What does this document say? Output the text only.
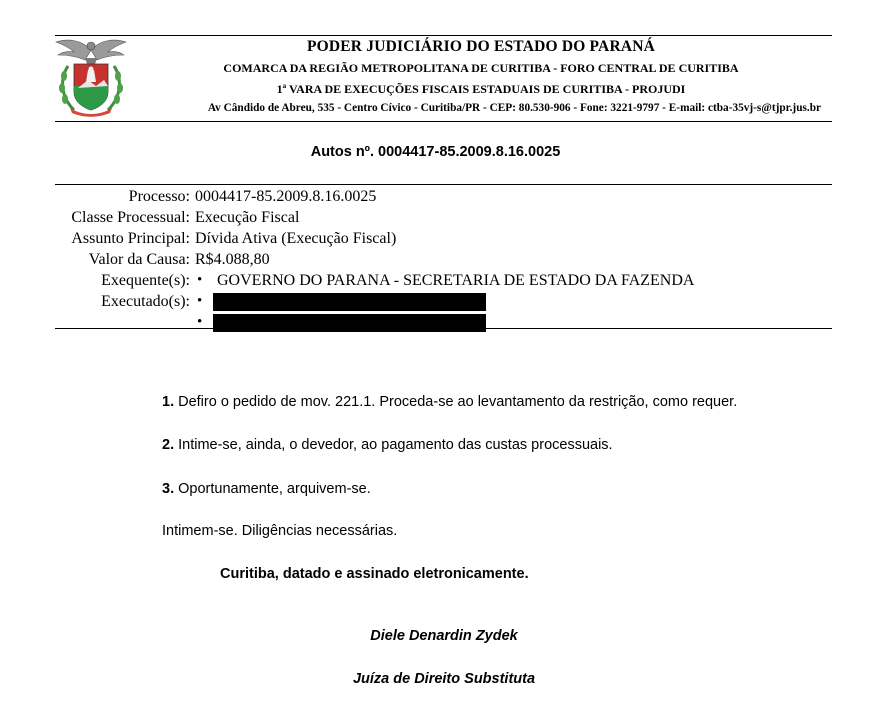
PODER JUDICIÁRIO DO ESTADO DO PARANÁ
COMARCA DA REGIÃO METROPOLITANA DE CURITIBA - FORO CENTRAL DE CURITIBA
1ª VARA DE EXECUÇÕES FISCAIS ESTADUAIS DE CURITIBA - PROJUDI
Av Cândido de Abreu, 535 - Centro Cívico - Curitiba/PR - CEP: 80.530-906 - Fone: 3221-9797 - E-mail: ctba-35vj-s@tjpr.jus.br
Autos nº. 0004417-85.2009.8.16.0025
Processo: 0004417-85.2009.8.16.0025
Classe Processual: Execução Fiscal
Assunto Principal: Dívida Ativa (Execução Fiscal)
Valor da Causa: R$4.088,80
Exequente(s): • GOVERNO DO PARANA - SECRETARIA DE ESTADO DA FAZENDA
Executado(s): •
•
1. Defiro o pedido de mov. 221.1. Proceda-se ao levantamento da restrição, como requer.
2. Intime-se, ainda, o devedor, ao pagamento das custas processuais.
3. Oportunamente, arquivem-se.
Intimem-se. Diligências necessárias.
Curitiba, datado e assinado eletronicamente.
Diele Denardin Zydek
Juíza de Direito Substituta
